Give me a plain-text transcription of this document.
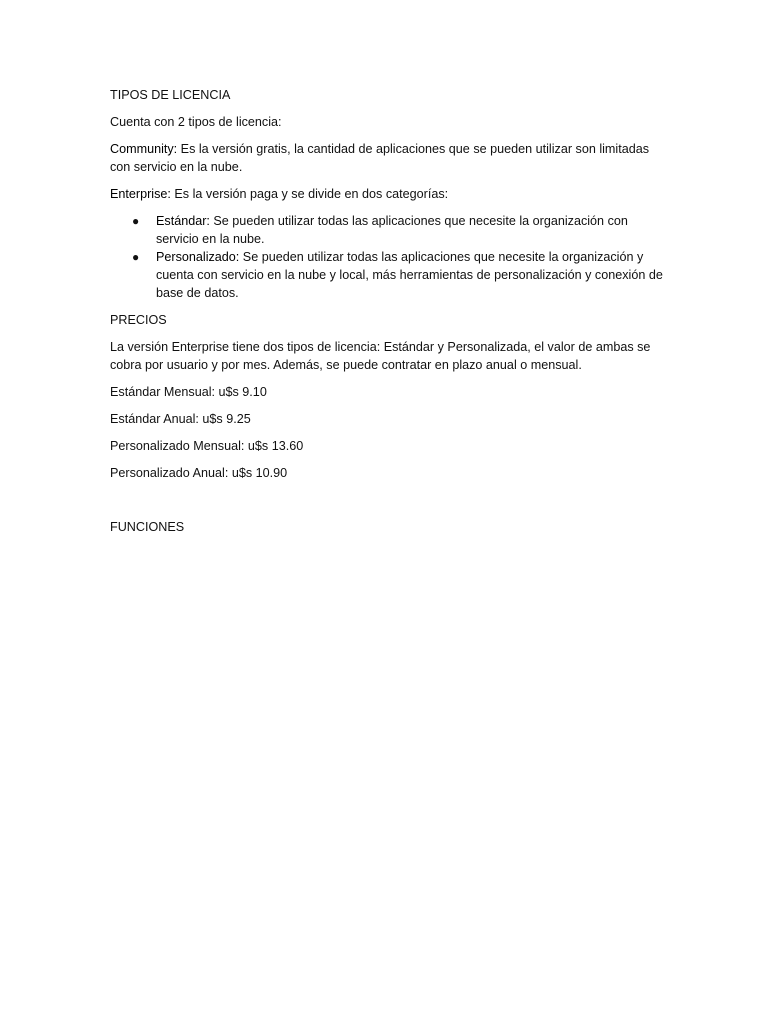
TIPOS DE LICENCIA

Cuenta con 2 tipos de licencia:

Community: Es la versión gratis, la cantidad de aplicaciones que se pueden utilizar son limitadas con servicio en la nube.

Enterprise: Es la versión paga y se divide en dos categorías:

● Estándar: Se pueden utilizar todas las aplicaciones que necesite la organización con servicio en la nube.
● Personalizado: Se pueden utilizar todas las aplicaciones que necesite la organización y cuenta con servicio en la nube y local, más herramientas de personalización y conexión de base de datos.

PRECIOS

La versión Enterprise tiene dos tipos de licencia: Estándar y Personalizada, el valor de ambas se cobra por usuario y por mes. Además, se puede contratar en plazo anual o mensual.

Estándar Mensual: u$s 9.10

Estándar Anual: u$s 9.25

Personalizado Mensual: u$s 13.60

Personalizado Anual: u$s 10.90

FUNCIONES
